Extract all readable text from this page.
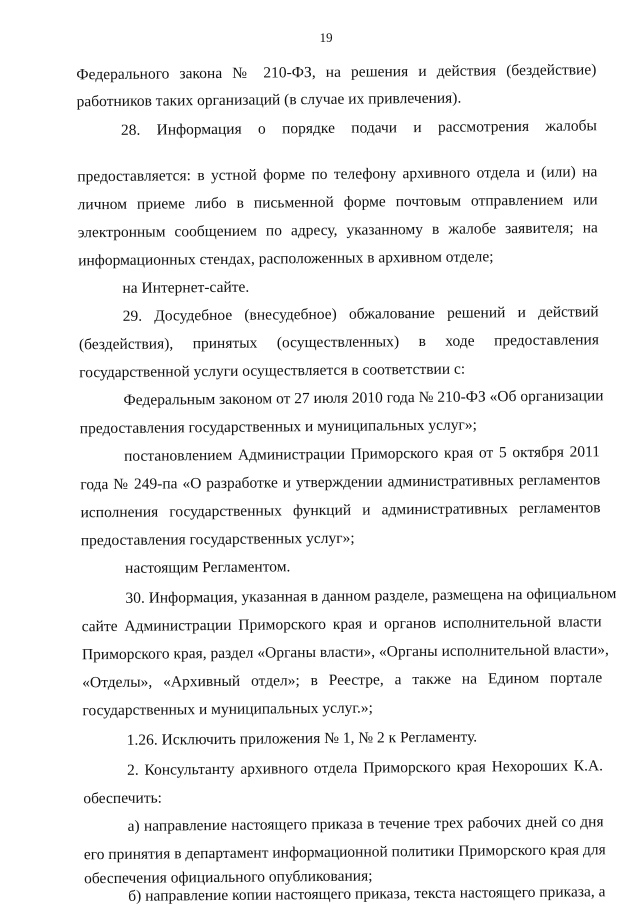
19
Федерального закона № 210-ФЗ, на решения и действия (бездействие)
работников таких организаций (в случае их привлечения).
28. Информация о порядке подачи и рассмотрения жалобы
предоставляется: в устной форме по телефону архивного отдела и (или) на
личном приеме либо в письменной форме почтовым отправлением или
электронным сообщением по адресу, указанному в жалобе заявителя; на
информационных стендах, расположенных в архивном отделе;
на Интернет-сайте.
29. Досудебное (внесудебное) обжалование решений и действий
(бездействия), принятых (осуществленных) в ходе предоставления
государственной услуги осуществляется в соответствии с:
Федеральным законом от 27 июля 2010 года № 210-ФЗ «Об организации
предоставления государственных и муниципальных услуг»;
постановлением Администрации Приморского края от 5 октября 2011
года № 249-па «О разработке и утверждении административных регламентов
исполнения государственных функций и административных регламентов
предоставления государственных услуг»;
настоящим Регламентом.
30. Информация, указанная в данном разделе, размещена на официальном
сайте Администрации Приморского края и органов исполнительной власти
Приморского края, раздел «Органы власти», «Органы исполнительной власти»,
«Отделы», «Архивный отдел»; в Реестре, а также на Едином портале
государственных и муниципальных услуг.»;
1.26. Исключить приложения № 1, № 2 к Регламенту.
2. Консультанту архивного отдела Приморского края Нехороших К.А.
обеспечить:
а) направление настоящего приказа в течение трех рабочих дней со дня
его принятия в департамент информационной политики Приморского края для
обеспечения официального опубликования;
б) направление копии настоящего приказа, текста настоящего приказа, а
